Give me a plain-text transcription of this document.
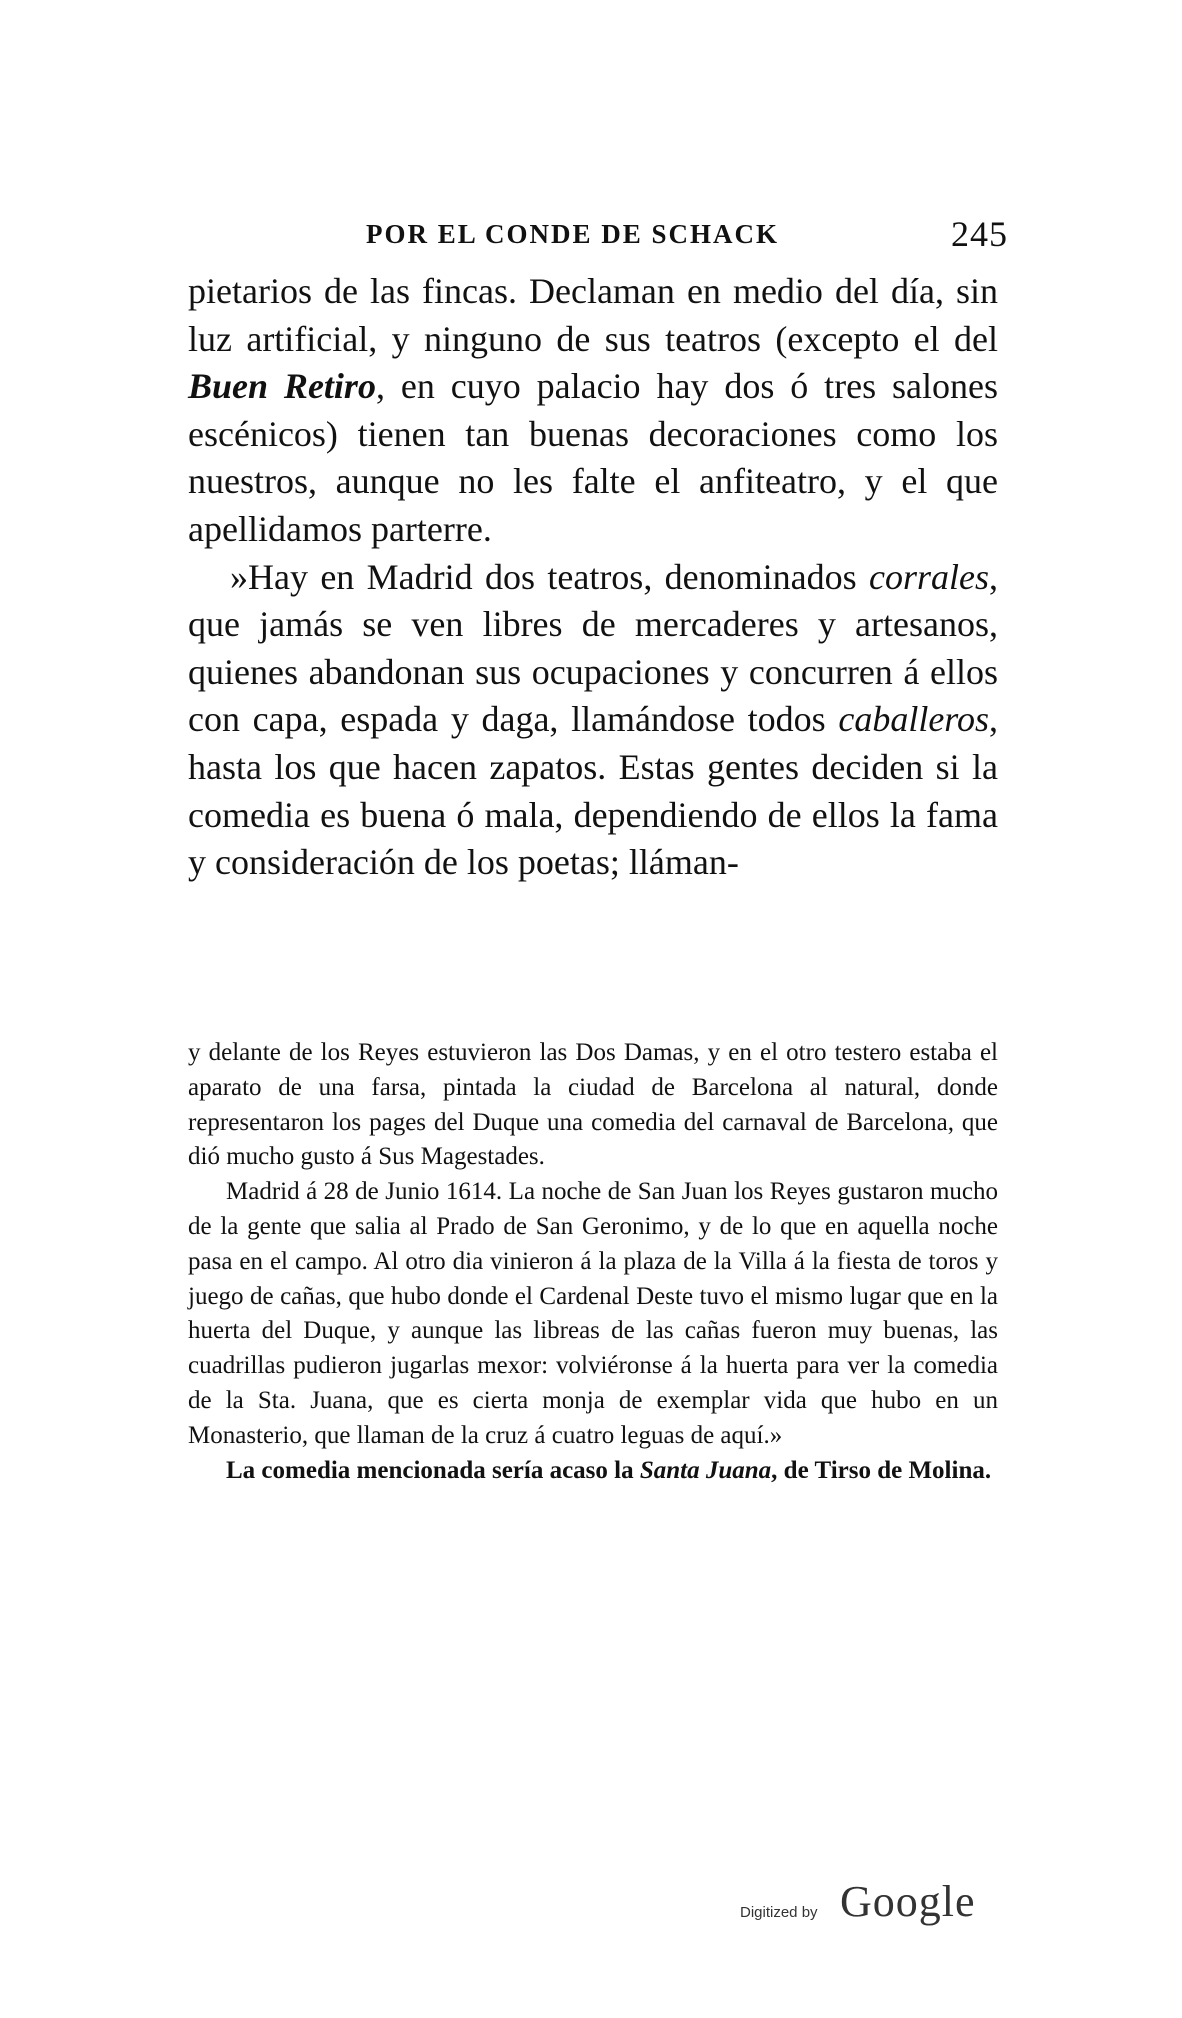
POR EL CONDE DE SCHACK	245

pietarios de las fincas. Declaman en medio del día, sin luz artificial, y ninguno de sus teatros (excepto el del Buen Retiro, en cuyo palacio hay dos ó tres salones escénicos) tienen tan buenas decoraciones como los nuestros, aunque no les falte el anfiteatro, y el que apellidamos parterre.

»Hay en Madrid dos teatros, denominados corrales, que jamás se ven libres de mercaderes y artesanos, quienes abandonan sus ocupaciones y concurren á ellos con capa, espada y daga, llamándose todos caballeros, hasta los que hacen zapatos. Estas gentes deciden si la comedia es buena ó mala, dependiendo de ellos la fama y consideración de los poetas; lláman-

y delante de los Reyes estuvieron las Dos Damas, y en el otro testero estaba el aparato de una farsa, pintada la ciudad de Barcelona al natural, donde representaron los pages del Duque una comedia del carnaval de Barcelona, que dió mucho gusto á Sus Magestades.

Madrid á 28 de Junio 1614. La noche de San Juan los Reyes gustaron mucho de la gente que salia al Prado de San Geronimo, y de lo que en aquella noche pasa en el campo. Al otro dia vinieron á la plaza de la Villa á la fiesta de toros y juego de cañas, que hubo donde el Cardenal Deste tuvo el mismo lugar que en la huerta del Duque, y aunque las libreas de las cañas fueron muy buenas, las cuadrillas pudieron jugarlas mexor: volviéronse á la huerta para ver la comedia de la Sta. Juana, que es cierta monja de exemplar vida que hubo en un Monasterio, que llaman de la cruz á cuatro leguas de aquí.»

La comedia mencionada sería acaso la Santa Juana, de Tirso de Molina.

Digitized by Google
